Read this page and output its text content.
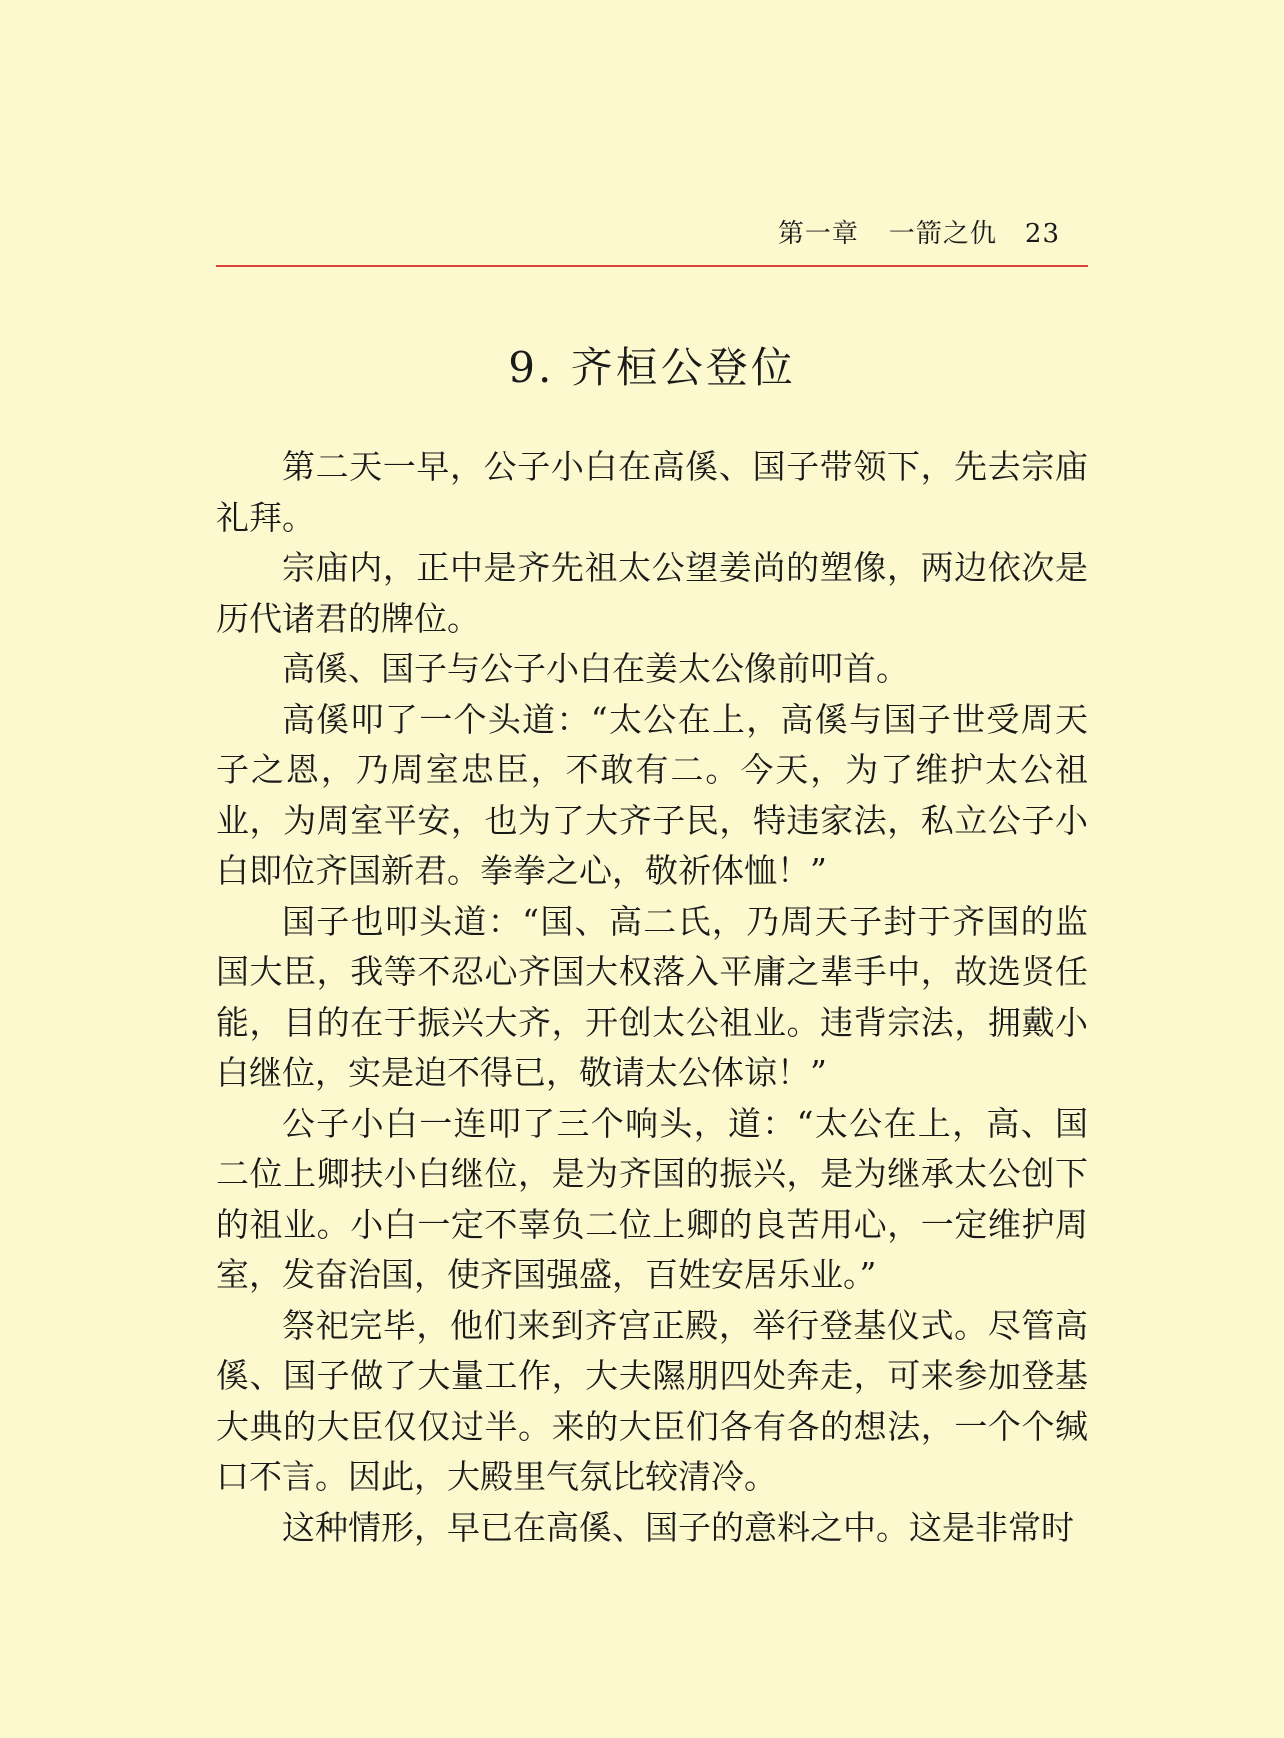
第一章 一箭之仇 23
9. 齐桓公登位

第二天一早，公子小白在高傒、国子带领下，先去宗庙礼拜。

宗庙内，正中是齐先祖太公望姜尚的塑像，两边依次是历代诸君的牌位。

高傒、国子与公子小白在姜太公像前叩首。

高傒叩了一个头道：“太公在上，高傒与国子世受周天子之恩，乃周室忠臣，不敢有二。今天，为了维护太公祖业，为周室平安，也为了大齐子民，特违家法，私立公子小白即位齐国新君。拳拳之心，敬祈体恤！”

国子也叩头道：“国、高二氏，乃周天子封于齐国的监国大臣，我等不忍心齐国大权落入平庸之辈手中，故选贤任能，目的在于振兴大齐，开创太公祖业。违背宗法，拥戴小白继位，实是迫不得已，敬请太公体谅！”

公子小白一连叩了三个响头，道：“太公在上，高、国二位上卿扶小白继位，是为齐国的振兴，是为继承太公创下的祖业。小白一定不辜负二位上卿的良苦用心，一定维护周室，发奋治国，使齐国强盛，百姓安居乐业。”

祭祀完毕，他们来到齐宫正殿，举行登基仪式。尽管高傒、国子做了大量工作，大夫隰朋四处奔走，可来参加登基大典的大臣仅仅过半。来的大臣们各有各的想法，一个个缄口不言。因此，大殿里气氛比较清冷。

这种情形，早已在高傒、国子的意料之中。这是非常时
